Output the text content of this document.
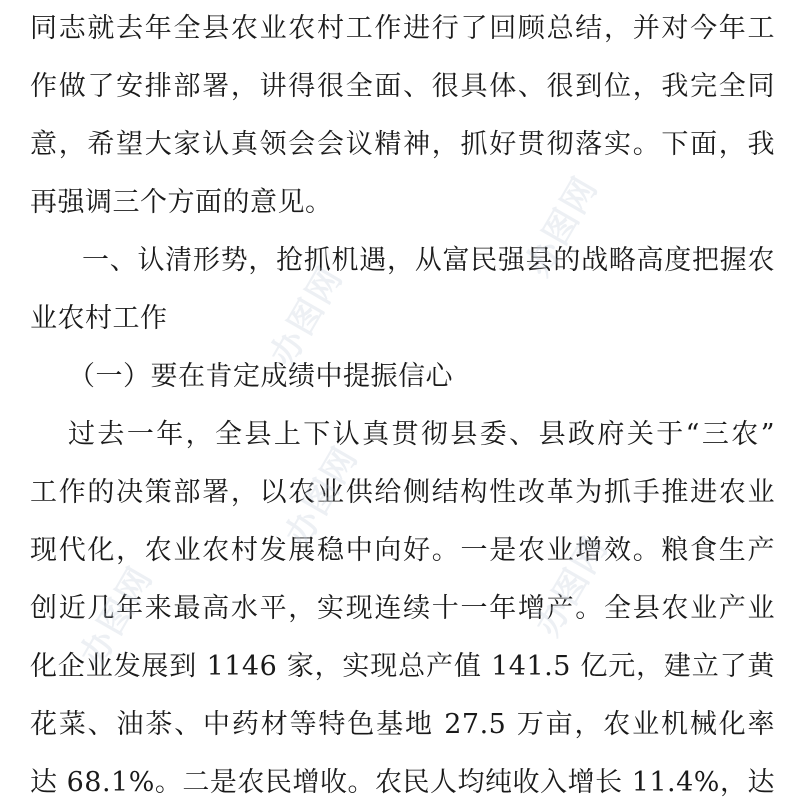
同志就去年全县农业农村工作进行了回顾总结，并对今年工
作做了安排部署，讲得很全面、很具体、很到位，我完全同
意，希望大家认真领会会议精神，抓好贯彻落实。下面，我
再强调三个方面的意见。
一、认清形势，抢抓机遇，从富民强县的战略高度把握农
业农村工作
（一）要在肯定成绩中提振信心
过去一年，全县上下认真贯彻县委、县政府关于“三农”
工作的决策部署，以农业供给侧结构性改革为抓手推进农业
现代化，农业农村发展稳中向好。一是农业增效。粮食生产
创近几年来最高水平，实现连续十一年增产。全县农业产业
化企业发展到 1146 家，实现总产值 141.5 亿元，建立了黄
花菜、油茶、中药材等特色基地 27.5 万亩，农业机械化率
达 68.1%。二是农民增收。农民人均纯收入增长 11.4%，达
办图网
办图网
办图网
办图网
办图网
